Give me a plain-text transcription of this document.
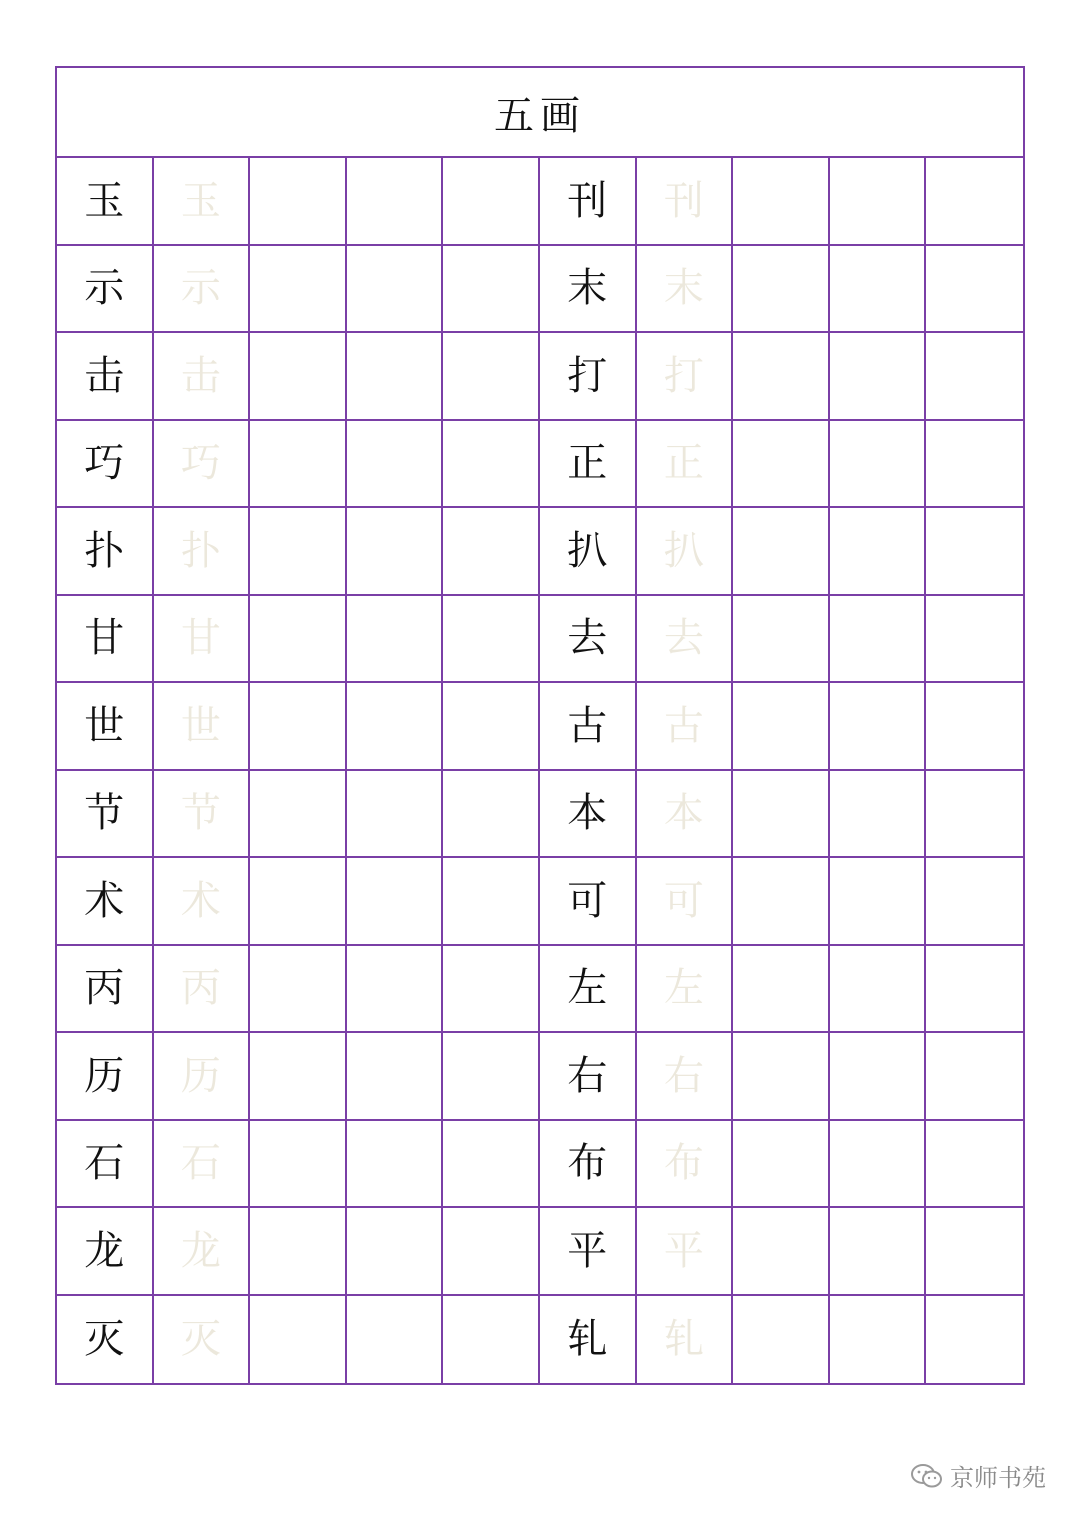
五画
玉	玉	刊	刊
示	示	末	末
击	击	打	打
巧	巧	正	正
扑	扑	扒	扒
甘	甘	去	去
世	世	古	古
节	节	本	本
术	术	可	可
丙	丙	左	左
历	历	右	右
石	石	布	布
龙	龙	平	平
灭	灭	轧	轧
京师书苑
